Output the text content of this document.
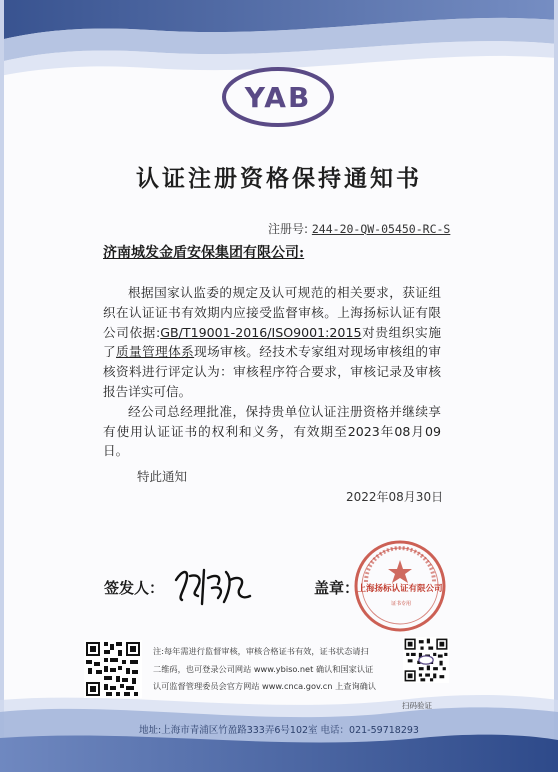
YAB
认证注册资格保持通知书
注册号: 244-20-QW-05450-RC-S
济南城发金盾安保集团有限公司:

根据国家认监委的规定及认可规范的相关要求，获证组织在认证证书有效期内应接受监督审核。上海扬标认证有限公司依据:GB/T19001-2016/ISO9001:2015对贵组织实施了质量管理体系现场审核。经技术专家组对现场审核组的审核资料进行评定认为：审核程序符合要求，审核记录及审核报告详实可信。

经公司总经理批准，保持贵单位认证注册资格并继续享有使用认证证书的权利和义务，有效期至2023年08月09日。

特此通知
2022年08月30日
签发人：	盖章：
上海扬标认证有限公司
证书专用

注:每年需进行监督审核，审核合格证书有效，证书状态请扫

二维码，也可登录公司网站 www.ybiso.net 确认和国家认证

认可监督管理委员会官方网站 www.cnca.gov.cn 上查询确认

扫码验证
地址:上海市青浦区竹盈路333弄6号102室 电话：021-59718293
